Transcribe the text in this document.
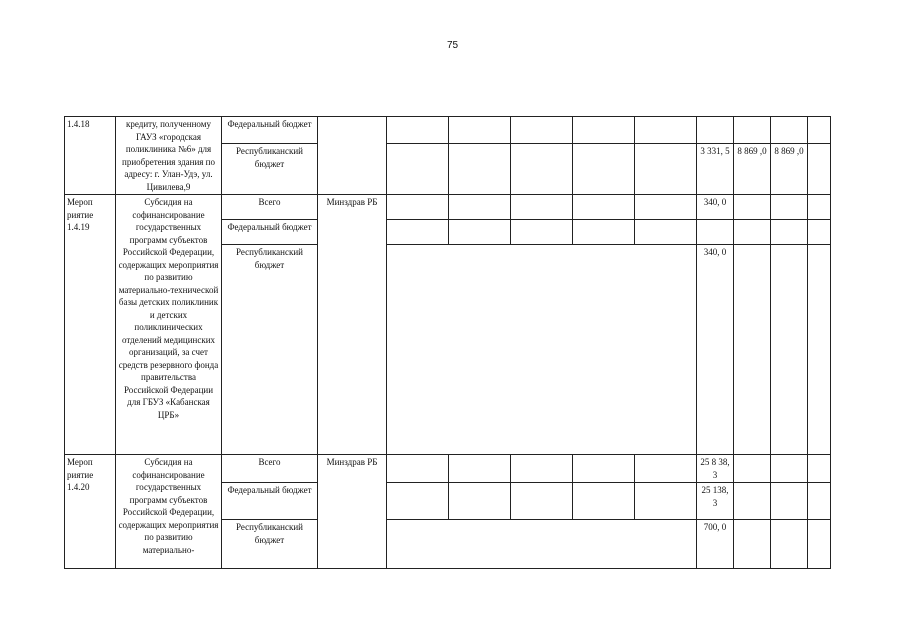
75
1.4.18	кредиту, полученному ГАУЗ «городская поликлиника №6» для приобретения здания по адресу: г. Улан-Удэ, ул. Цивилева,9	Федеральный бюджет										

		Республиканский бюджет							3 331, 5	8 869 ,0	8 869 ,0	

Мероп риятие 1.4.19	Субсидия на софинансирование государственных программ субъектов Российской Федерации, содержащих мероприятия по развитию материально-технической базы детских поликлиник и детских поликлинических отделений медицинских организаций, за счет средств резервного фонда правительства Российской Федерации для ГБУЗ «Кабанская ЦРБ»	Всего	Минздрав РБ						340, 0			

		Федеральный бюджет										

		Республиканский бюджет							340, 0			

Мероп риятие 1.4.20	Субсидия на софинансирование государственных программ субъектов Российской Федерации, содержащих мероприятия по развитию материально-	Всего	Минздрав РБ						25 8 38,3			

		Федеральный бюджет							25 138, 3			

		Республиканский бюджет							700, 0			
